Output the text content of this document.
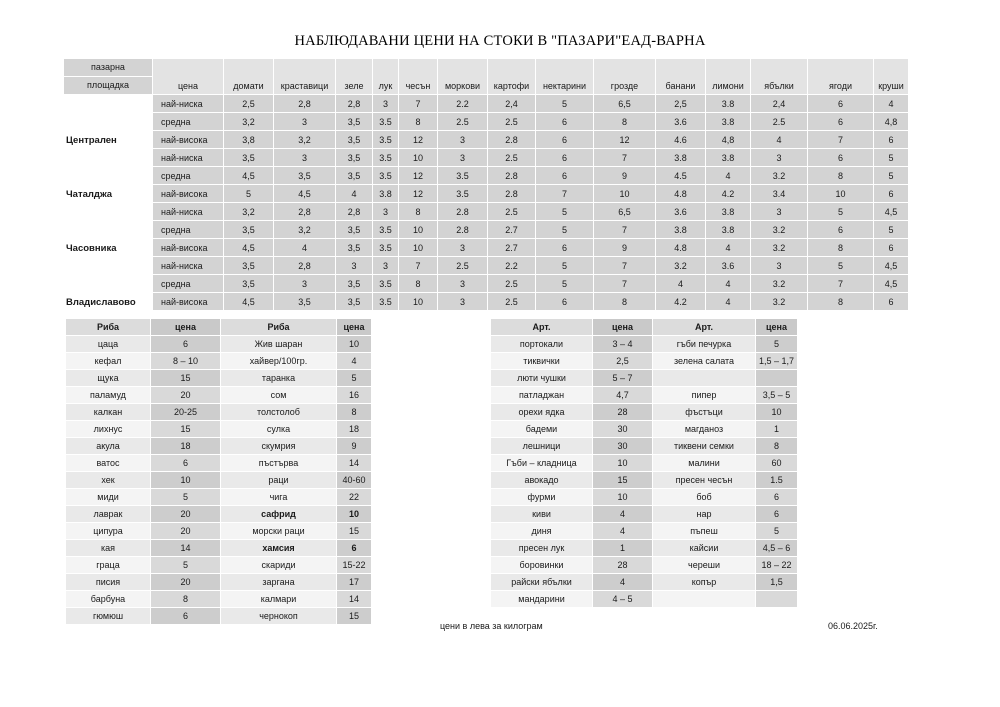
НАБЛЮДАВАНИ ЦЕНИ НА СТОКИ В "ПАЗАРИ"ЕАД-ВАРНА
пазарна
площадка	цена	домати	краставици	зеле	лук	чесън	моркови	картофи	нектарини	грозде	банани	лимони	ябълки	ягоди	круши
Централен	най-ниска	2,5	2,8	2,8	3	7	2.2	2,4	5	6,5	2,5	3.8	2,4	6	4
	средна	3,2	3	3,5	3.5	8	2.5	2.5	6	8	3.6	3.8	2.5	6	4,8
	най-висока	3,8	3,2	3,5	3.5	12	3	2.8	6	12	4.6	4,8	4	7	6
Чаталджа	най-ниска	3,5	3	3,5	3.5	10	3	2.5	6	7	3.8	3.8	3	6	5
	средна	4,5	3,5	3,5	3.5	12	3.5	2.8	6	9	4.5	4	3.2	8	5
	най-висока	5	4,5	4	3.8	12	3.5	2.8	7	10	4.8	4.2	3.4	10	6
Часовника	най-ниска	3,2	2,8	2,8	3	8	2.8	2.5	5	6,5	3.6	3.8	3	5	4,5
	средна	3,5	3,2	3,5	3.5	10	2.8	2.7	5	7	3.8	3.8	3.2	6	5
	най-висока	4,5	4	3,5	3.5	10	3	2.7	6	9	4.8	4	3.2	8	6
Владиславово	най-ниска	3,5	2,8	3	3	7	2.5	2.2	5	7	3.2	3.6	3	5	4,5
	средна	3,5	3	3,5	3.5	8	3	2.5	5	7	4	4	3.2	7	4,5
	най-висока	4,5	3,5	3,5	3.5	10	3	2.5	6	8	4.2	4	3.2	8	6
Риба	цена	Риба	цена
цаца	6	Жив шаран	10
кефал	8 – 10	хайвер/100гр.	4
щука	15	таранка	5
паламуд	20	сом	16
калкан	20-25	толстолоб	8
лихнус	15	сулка	18
акула	18	скумрия	9
ватос	6	пъстърва	14
хек	10	раци	40-60
миди	5	чига	22
лаврак	20	сафрид	10
ципура	20	морски раци	15
кая	14	хамсия	6
граца	5	скариди	15-22
писия	20	заргана	17
барбуна	8	калмари	14
гюмюш	6	чернокоп	15
Арт.	цена	Арт.	цена
портокали	3 – 4	гъби печурка	5
тиквички	2,5	зелена салата	1,5 – 1,7
люти чушки	5 – 7		
патладжан	4,7	пипер	3,5 – 5
орехи ядка	28	фъстъци	10
бадеми	30	магданоз	1
лешници	30	тиквени семки	8
Гъби – кладница	10	малини	60
авокадо	15	пресен чесън	1.5
фурми	10	боб	6
киви	4	нар	6
диня	4	пъпеш	5
пресен лук	1	кайсии	4,5 – 6
боровинки	28	череши	18 – 22
райски ябълки	4	копър	1,5
мандарини	4 – 5		
цени в лева за килограм	06.06.2025г.
